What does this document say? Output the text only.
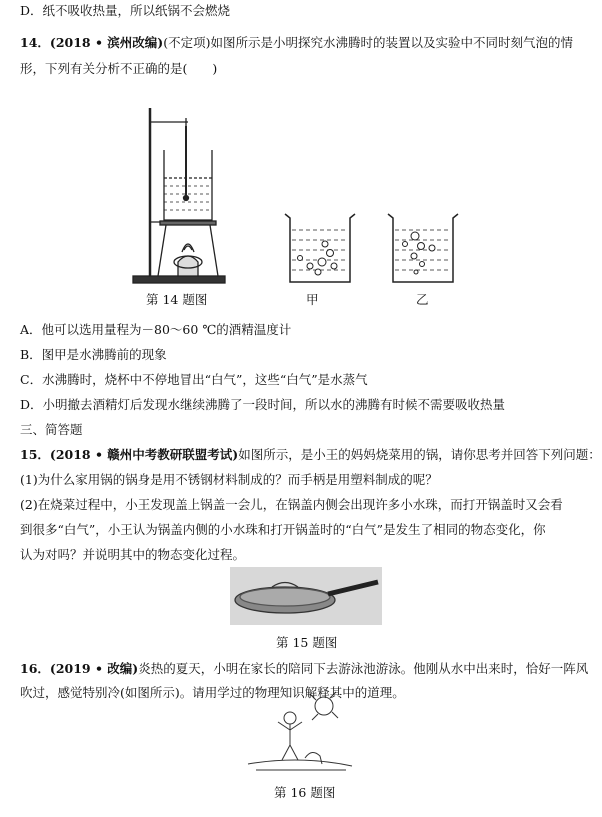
D．纸不吸收热量，所以纸锅不会燃烧
14．(2018 • 滨州改编)(不定项)如图所示是小明探究水沸腾时的装置以及实验中不同时刻气泡的情
形，下列有关分析不正确的是(　　)
第 14 题图	甲	乙
A．他可以选用量程为－80～60 ℃的酒精温度计
B．图甲是水沸腾前的现象
C．水沸腾时，烧杯中不停地冒出“白气”，这些“白气”是水蒸气
D．小明撤去酒精灯后发现水继续沸腾了一段时间，所以水的沸腾有时候不需要吸收热量
三、简答题
15．(2018 • 赣州中考教研联盟考试)如图所示，是小王的妈妈烧菜用的锅，请你思考并回答下列问题：
(1)为什么家用锅的锅身是用不锈钢材料制成的？而手柄是用塑料制成的呢？
(2)在烧菜过程中，小王发现盖上锅盖一会儿，在锅盖内侧会出现许多小水珠，而打开锅盖时又会看
到很多“白气”，小王认为锅盖内侧的小水珠和打开锅盖时的“白气”是发生了相同的物态变化，你
认为对吗？并说明其中的物态变化过程。
第 15 题图
16．(2019 • 改编)炎热的夏天，小明在家长的陪同下去游泳池游泳。他刚从水中出来时，恰好一阵风
吹过，感觉特别冷(如图所示)。请用学过的物理知识解释其中的道理。
第 16 题图
